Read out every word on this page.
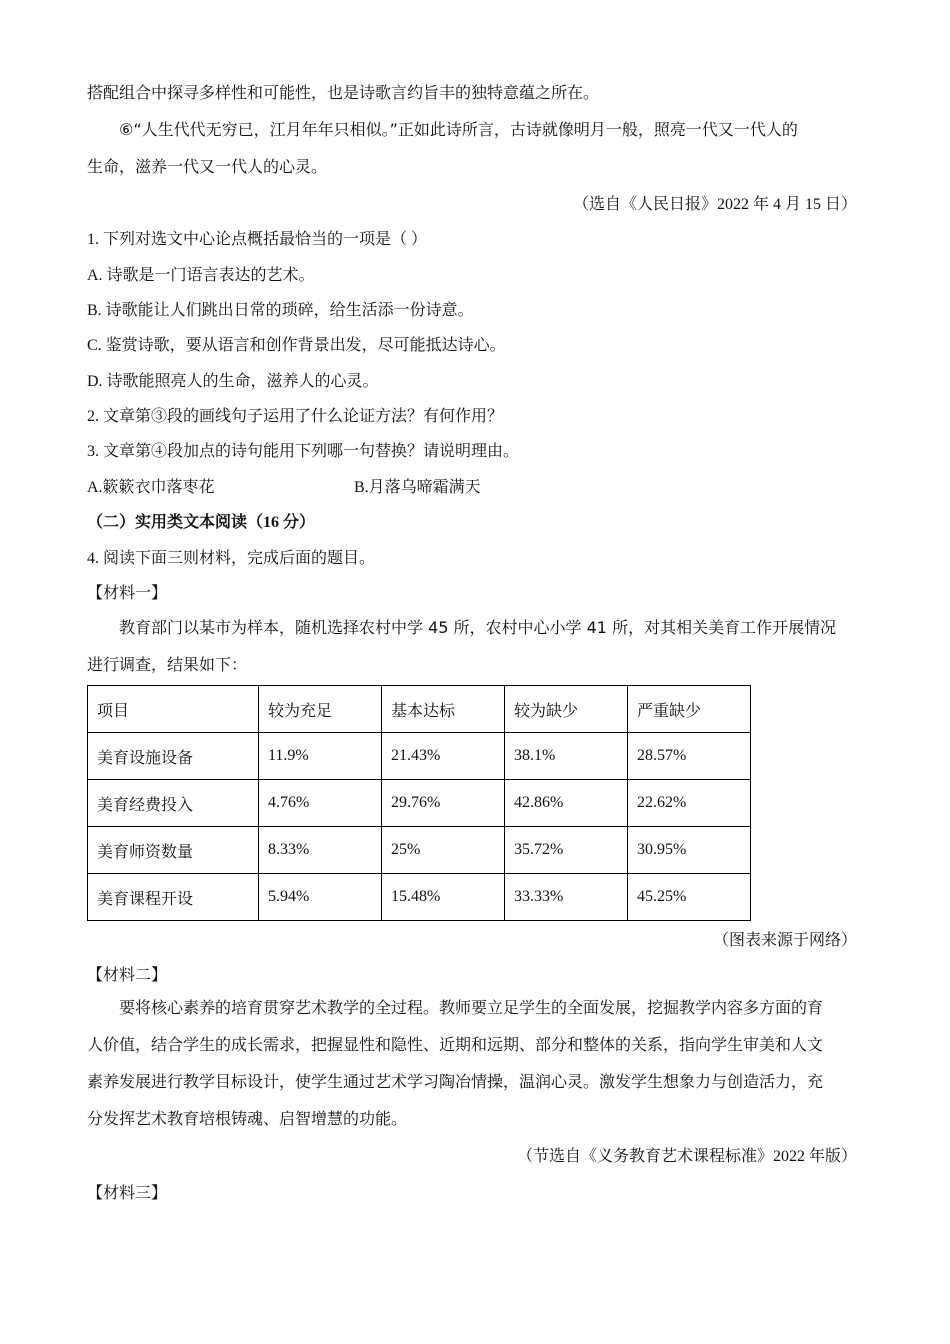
搭配组合中探寻多样性和可能性，也是诗歌言约旨丰的独特意蕴之所在。
⑥“人生代代无穷已，江月年年只相似。”正如此诗所言，古诗就像明月一般，照亮一代又一代人的
生命，滋养一代又一代人的心灵。
（选自《人民日报》2022 年 4 月 15 日）
1. 下列对选文中心论点概括最恰当的一项是（ ）
A. 诗歌是一门语言表达的艺术。
B. 诗歌能让人们跳出日常的琐碎，给生活添一份诗意。
C. 鉴赏诗歌，要从语言和创作背景出发，尽可能抵达诗心。
D. 诗歌能照亮人的生命，滋养人的心灵。
2. 文章第③段的画线句子运用了什么论证方法？有何作用？
3. 文章第④段加点的诗句能用下列哪一句替换？请说明理由。
A.簌簌衣巾落枣花	B.月落乌啼霜满天
（二）实用类文本阅读（16 分）
4. 阅读下面三则材料，完成后面的题目。
【材料一】
教育部门以某市为样本，随机选择农村中学 45 所，农村中心小学 41 所，对其相关美育工作开展情况
进行调查，结果如下：
项目	较为充足	基本达标	较为缺少	严重缺少
美育设施设备	11.9%	21.43%	38.1%	28.57%
美育经费投入	4.76%	29.76%	42.86%	22.62%
美育师资数量	8.33%	25%	35.72%	30.95%
美育课程开设	5.94%	15.48%	33.33%	45.25%
（图表来源于网络）
【材料二】
要将核心素养的培育贯穿艺术教学的全过程。教师要立足学生的全面发展，挖掘教学内容多方面的育
人价值，结合学生的成长需求，把握显性和隐性、近期和远期、部分和整体的关系，指向学生审美和人文
素养发展进行教学目标设计，使学生通过艺术学习陶冶情操，温润心灵。激发学生想象力与创造活力，充
分发挥艺术教育培根铸魂、启智增慧的功能。
（节选自《义务教育艺术课程标准》2022 年版）
【材料三】
